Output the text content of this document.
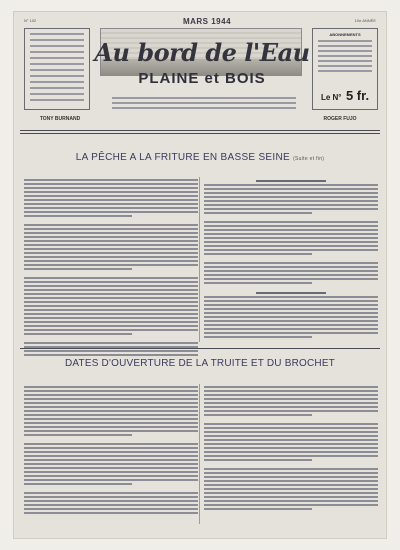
N° 102	10e ANNÉE
MARS 1944
Au bord de l'Eau
PLAINE et BOIS
ABONNEMENTS
Le N° 5 fr.
TONY BURNAND	ROGER FUJO
LA PÊCHE A LA FRITURE EN BASSE SEINE (Suite et fin)
DATES D'OUVERTURE DE LA TRUITE ET DU BROCHET
